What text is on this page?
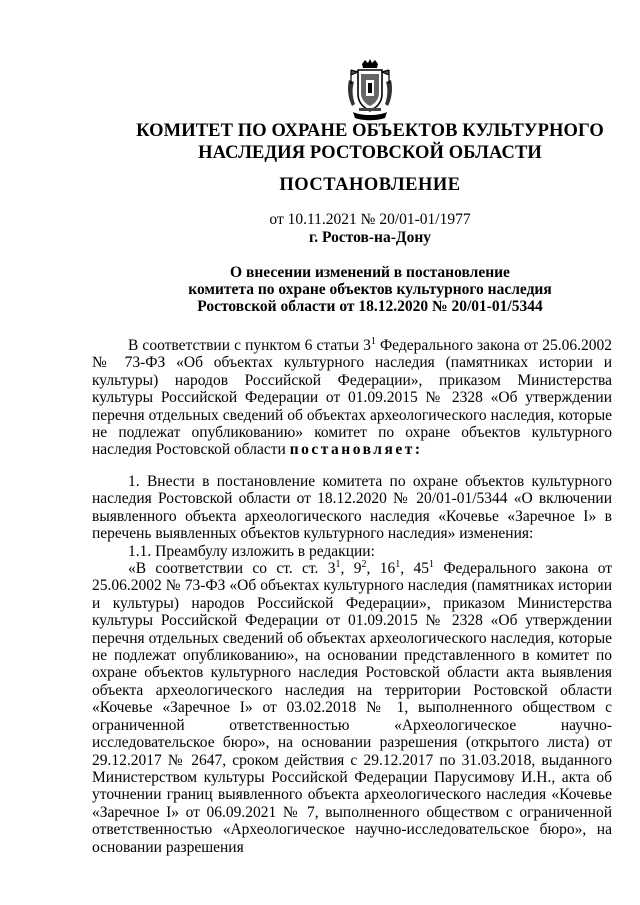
КОМИТЕТ ПО ОХРАНЕ ОБЪЕКТОВ КУЛЬТУРНОГО
НАСЛЕДИЯ РОСТОВСКОЙ ОБЛАСТИ
ПОСТАНОВЛЕНИЕ
от 10.11.2021 № 20/01-01/1977
г. Ростов-на-Дону
О внесении изменений в постановление
комитета по охране объектов культурного наследия
Ростовской области от 18.12.2020 № 20/01-01/5344

В соответствии с пунктом 6 статьи $3^1$ Федерального закона от 25.06.2002 № 73-ФЗ «Об объектах культурного наследия (памятниках истории и культуры) народов Российской Федерации», приказом Министерства культуры Российской Федерации от 01.09.2015 № 2328 «Об утверждении перечня отдельных сведений об объектах археологического наследия, которые не подлежат опубликованию» комитет по охране объектов культурного наследия Ростовской области постановляет:

1. Внести в постановление комитета по охране объектов культурного наследия Ростовской области от 18.12.2020 № 20/01-01/5344 «О включении выявленного объекта археологического наследия «Кочевье «Заречное I» в перечень выявленных объектов культурного наследия» изменения:

1.1. Преамбулу изложить в редакции:

«В соответствии со ст. ст. $3^1$, $9^2$, $16^1$, $45^1$ Федерального закона от 25.06.2002 № 73-ФЗ «Об объектах культурного наследия (памятниках истории и культуры) народов Российской Федерации», приказом Министерства культуры Российской Федерации от 01.09.2015 № 2328 «Об утверждении перечня отдельных сведений об объектах археологического наследия, которые не подлежат опубликованию», на основании представленного в комитет по охране объектов культурного наследия Ростовской области акта выявления объекта археологического наследия на территории Ростовской области «Кочевье «Заречное I» от 03.02.2018 № 1, выполненного обществом с ограниченной ответственностью «Археологическое научно-исследовательское бюро», на основании разрешения (открытого листа) от 29.12.2017 № 2647, сроком действия с 29.12.2017 по 31.03.2018, выданного Министерством культуры Российской Федерации Парусимову И.Н., акта об уточнении границ выявленного объекта археологического наследия «Кочевье «Заречное I» от 06.09.2021 № 7, выполненного обществом с ограниченной ответственностью «Археологическое научно-исследовательское бюро», на основании разрешения
